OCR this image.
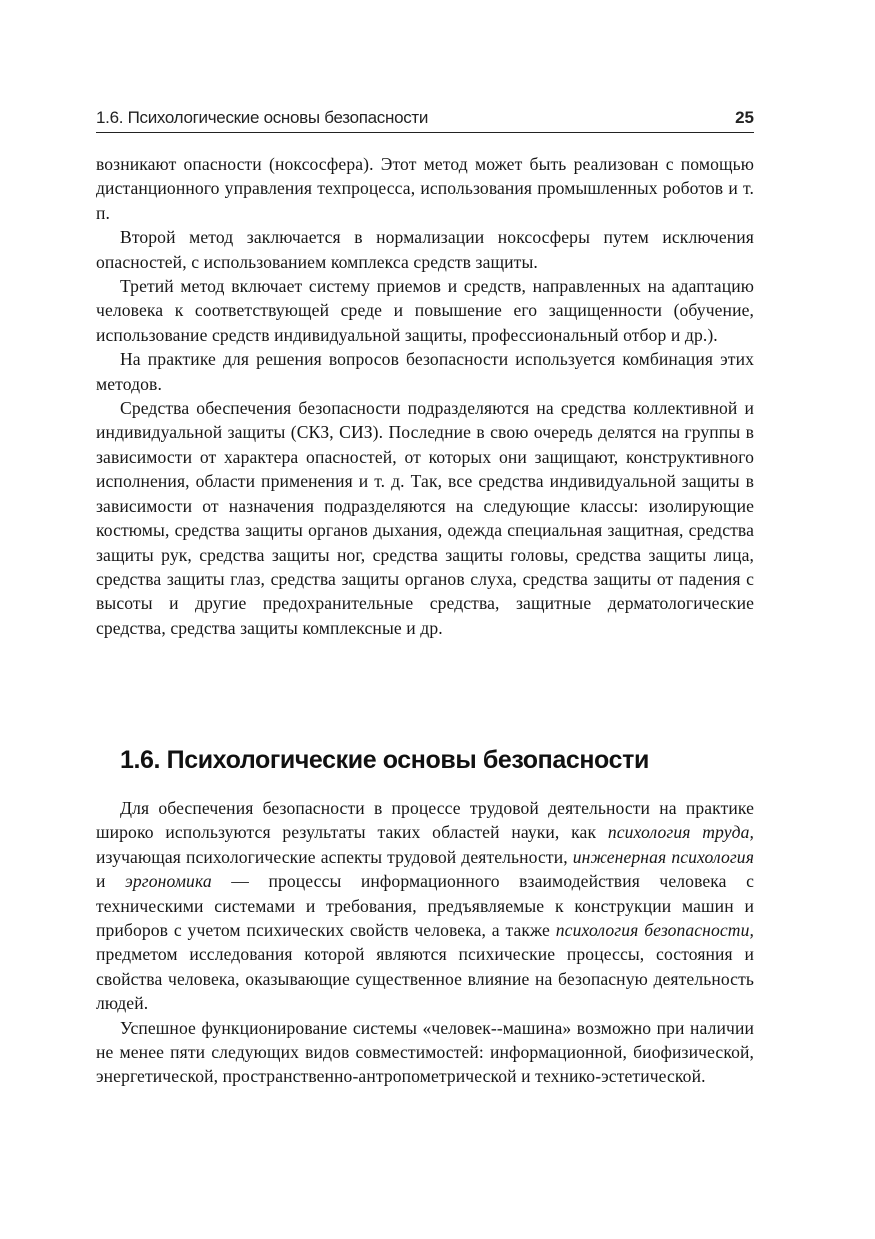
1.6. Психологические основы безопасности	25

возникают опасности (ноксосфера). Этот метод может быть реализован с помощью дистанционного управления техпроцесса, использования промышленных роботов и т. п.

Второй метод заключается в нормализации ноксосферы путем исключения опасностей, с использованием комплекса средств защиты.

Третий метод включает систему приемов и средств, направленных на адаптацию человека к соответствующей среде и повышение его защищенности (обучение, использование средств индивидуальной защиты, профессиональный отбор и др.).

На практике для решения вопросов безопасности используется комбинация этих методов.

Средства обеспечения безопасности подразделяются на средства коллективной и индивидуальной защиты (СКЗ, СИЗ). Последние в свою очередь делятся на группы в зависимости от характера опасностей, от которых они защищают, конструктивного исполнения, области применения и т. д. Так, все средства индивидуальной защиты в зависимости от назначения подразделяются на следующие классы: изолирующие костюмы, средства защиты органов дыхания, одежда специальная защитная, средства защиты рук, средства защиты ног, средства защиты головы, средства защиты лица, средства защиты глаз, средства защиты органов слуха, средства защиты от падения с высоты и другие предохранительные средства, защитные дерматологические средства, средства защиты комплексные и др.

1.6. Психологические основы безопасности

Для обеспечения безопасности в процессе трудовой деятельности на практике широко используются результаты таких областей науки, как психология труда, изучающая психологические аспекты трудовой деятельности, инженерная психология и эргономика — процессы информационного взаимодействия человека с техническими системами и требования, предъявляемые к конструкции машин и приборов с учетом психических свойств человека, а также психология безопасности, предметом исследования которой являются психические процессы, состояния и свойства человека, оказывающие существенное влияние на безопасную деятельность людей.

Успешное функционирование системы «человек--машина» возможно при наличии не менее пяти следующих видов совместимостей: информационной, биофизической, энергетической, пространственно-антропометрической и технико-эстетической.
